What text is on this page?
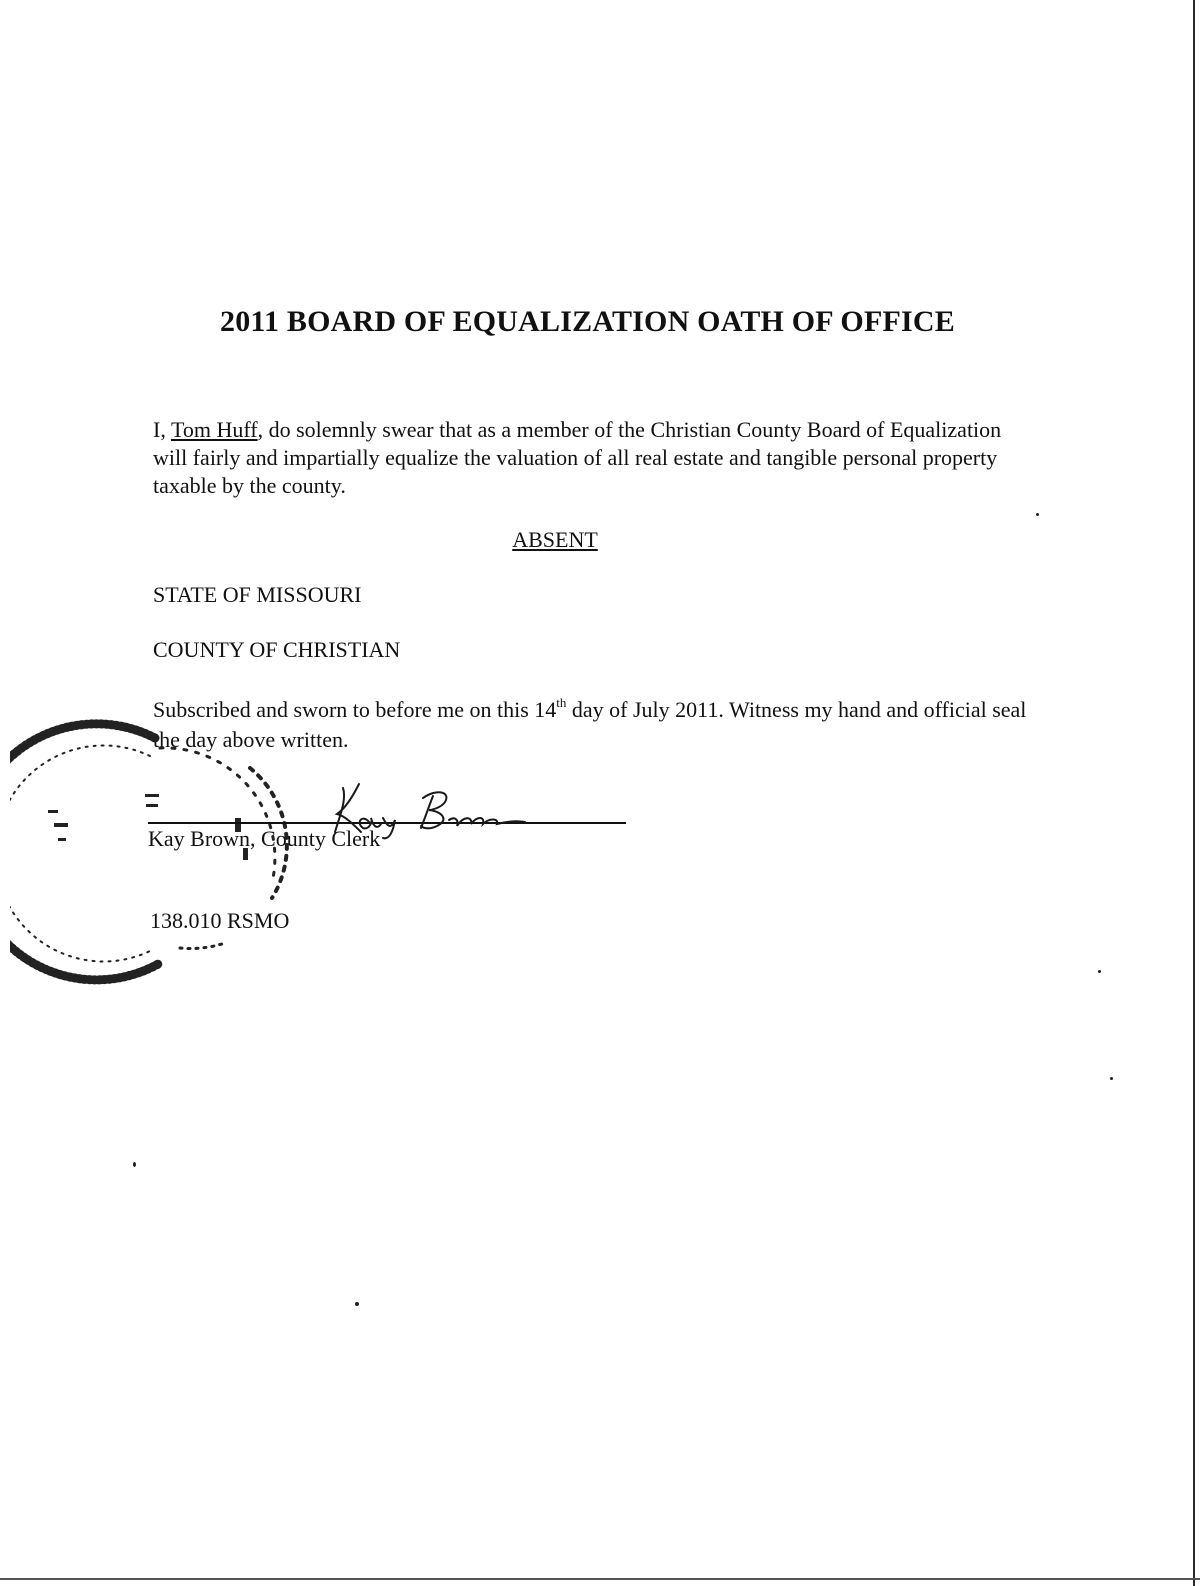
2011 BOARD OF EQUALIZATION OATH OF OFFICE
I, Tom Huff, do solemnly swear that as a member of the Christian County Board of Equalization will fairly and impartially equalize the valuation of all real estate and tangible personal property taxable by the county.
ABSENT
STATE OF MISSOURI
COUNTY OF CHRISTIAN
Subscribed and sworn to before me on this 14th day of July 2011. Witness my hand and official seal the day above written.
Kay Brown, County Clerk
138.010 RSMO
